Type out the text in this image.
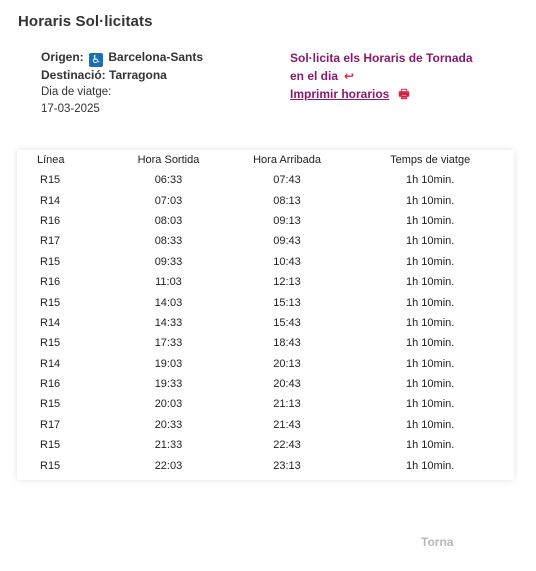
Horaris Sol·licitats
Origen: ♿ Barcelona-Sants
Destinació: Tarragona
Dia de viatge:
17-03-2025
Sol·licita els Horaris de Tornada
en el dia ↩
Imprimir horarios 🖶
Línea	Hora Sortida	Hora Arribada	Temps de viatge
R15	06:33	07:43	1h 10min.
R14	07:03	08:13	1h 10min.
R16	08:03	09:13	1h 10min.
R17	08:33	09:43	1h 10min.
R15	09:33	10:43	1h 10min.
R16	11:03	12:13	1h 10min.
R15	14:03	15:13	1h 10min.
R14	14:33	15:43	1h 10min.
R15	17:33	18:43	1h 10min.
R14	19:03	20:13	1h 10min.
R16	19:33	20:43	1h 10min.
R15	20:03	21:13	1h 10min.
R17	20:33	21:43	1h 10min.
R15	21:33	22:43	1h 10min.
R15	22:03	23:13	1h 10min.
Torna
